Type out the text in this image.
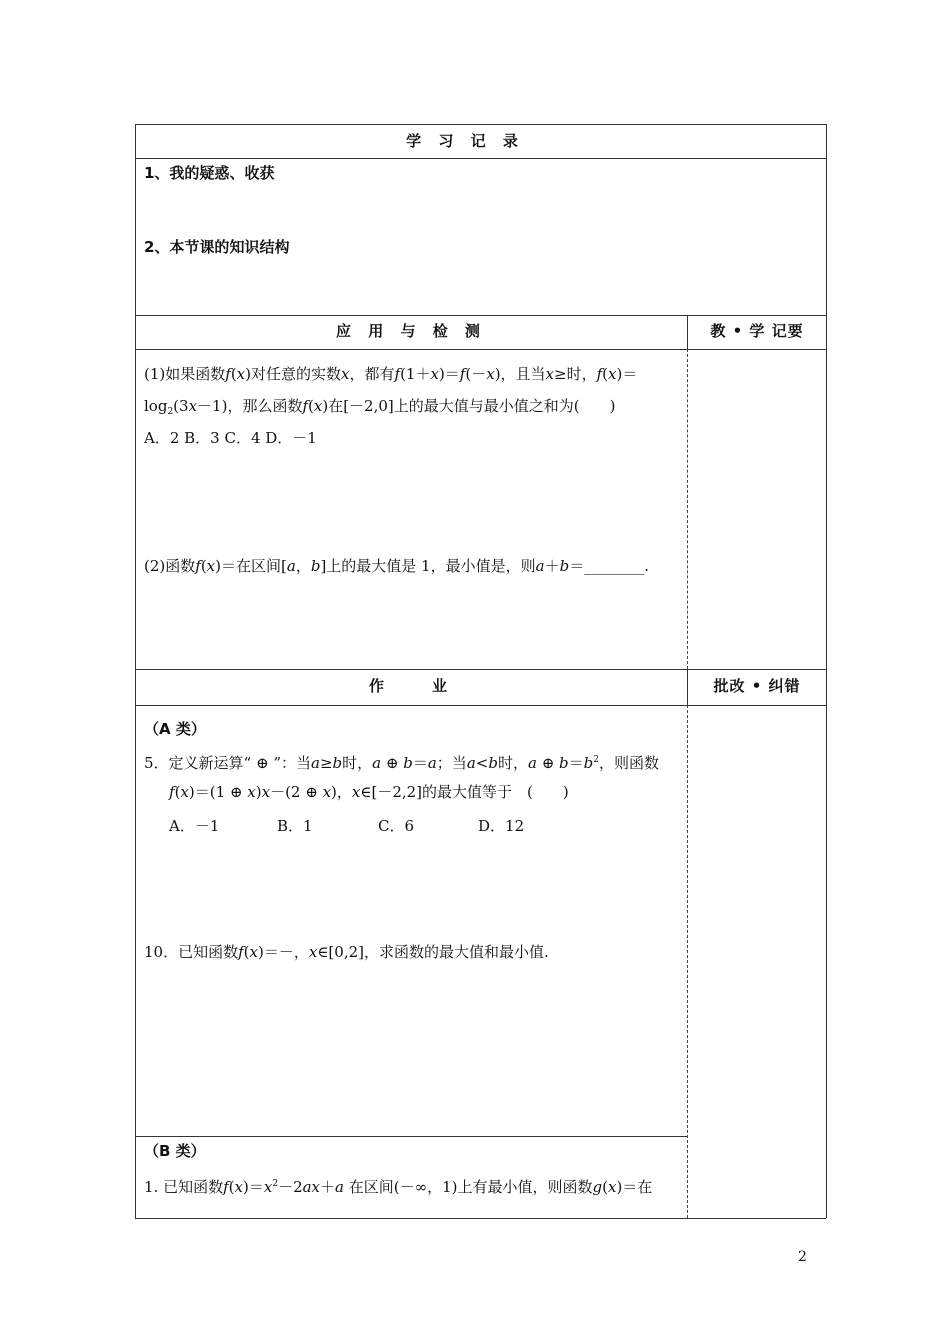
学 习 记 录
1、我的疑惑、收获
2、本节课的知识结构
应 用 与 检 测	教 • 学 记要
(1)如果函数f(x)对任意的实数x，都有f(1＋x)＝f(－x)，且当x≥时，f(x)＝
$\log_2(3x-1)$，那么函数f(x)在[－2,0]上的最大值与最小值之和为(　　)
A．2 B．3 C．4 D．－1
(2)函数f(x)＝在区间[a，b]上的最大值是 1，最小值是，则a＋b＝________.
作　　业	批改 • 纠错
（A 类）
5．定义新运算“ ⊕ ”：当a≥b时，a ⊕ b＝a；当a<b时，a ⊕ $b=b^2$，则函数
f(x)＝(1 ⊕ x)x－(2 ⊕ x)，x∈[－2,2]的最大值等于　(　　)
A．－1	B．1	C．6	D．12
10．已知函数f(x)＝－，x∈[0,2]，求函数的最大值和最小值.
（B 类）
1. 已知函数$f(x)=x^2-2ax+a$ 在区间(－∞，1)上有最小值，则函数g(x)＝在
2
